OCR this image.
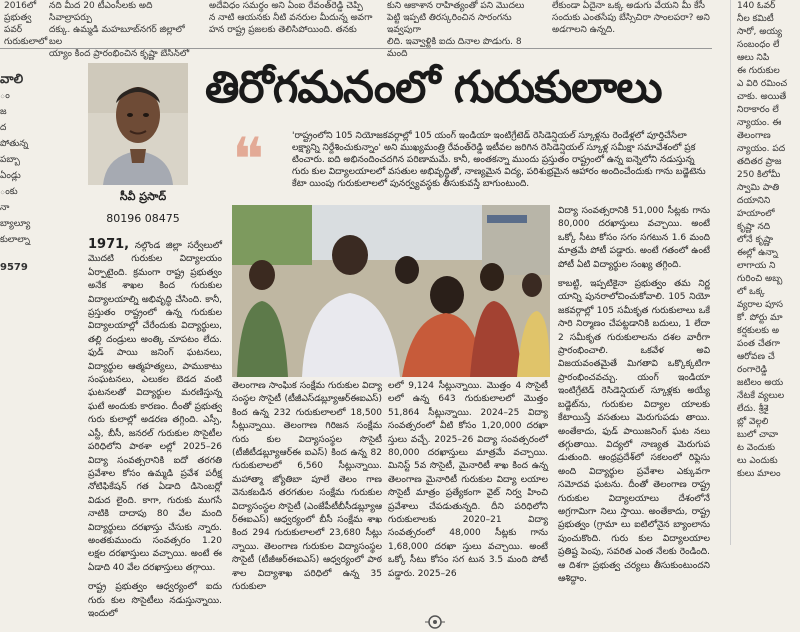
2016లో
ప్రభుత్వ పవర్
గురుకులాలో
నది మీద 20 టీఎంసీలకు అది సివాల్రాపర్పు
దక్కు. ఉమ్మడి మహబూబ్‌నగర్ జిల్లాలో బల
య్యాం కింద ప్రారంభించిన కృష్ణా బేసిన్‌లో
అదేవిధం సమర్థం అని ఏంఐ రేవంత్‌రెడ్డి చెప్పి
న నాటి ఆయనకు నీటి వనరుల మీదున్న అవగా
హన రాష్ట్ర ప్రజలకు తెలిసిపోయింది. తనకు
కుని ఆకాశాన రాహిత్యంతో పని మొదలు
పెట్టి ఇప్పటి తిరస్కరించిన సారంగను ఇవ్వపుగా
లిది. ఇవ్వాళ్టికి ఐదు దినాల పొడుగు. 8 మంది
లేకుండా ఏదైనా ఒక్క అడుగు వేయని మీ కేసీ
సందుకు ఎంతసేపు బేస్సిచిరా సాంలపరా? అని
అడగాలని ఉన్నది.
వాలి
ం
జ
ద
పోతున్న
పబ్బా
ఏండ్లు
ంకు
నా
బ్యాల్యూ
కులాల్నా
9579
140 ఓవర్
నీల కమిటీ
సారో, అయ్య
సంబంధం లే
ఆలు నిపి
ఈ గురుకుల
ఎ విరి రమించ
చాకు. అయితే
నిరాకారం లే
న్యాయం. ఈ
తెలంగాణ
న్యాయం. పద
తదితర ప్రాజ
250 కిలోమీ
స్వామి పాతి
దయానిని
హయాంలో
కృష్ణా నది
లోనే కృష్ణా
ఈల్లో ఉన్నా
లాగాయ ని
గురించి అబ్బ
లో ఒక్క
వ్యరాల పూస
కో. పోర్టు మా
కర్షకులకు అ
పంత చేతగా
ఆరోవణ చే
రంగారెడ్డి
జటిలం అయ
నేటకే వ్యలుల
లేదు. శ్రీశై
బ్లో వెల్గలి
బులో చావా
ట వెందుకు
లు ఎందుకు
కులు మాలం
సీవీ ప్రసాద్
80196 08475
తిరోగమనంలో గురుకులాలు
❝	'రాష్ట్రంలోని 105 నియోజకవర్గాల్లో 105 యంగ్ ఇండియా ఇంటిగ్రేటెడ్ రెసిడెన్షియల్ స్కూళ్లను రెండేళ్లలో పూర్తిచేసేలా లక్ష్యాన్ని నిర్దేశించుకున్నాం' అని ముఖ్యమంత్రి రేవంత్‌రెడ్డి ఇటీవల జరిగిన రెసిడెన్షియల్ స్కూళ్ల సమీక్షా సమావేశంలో ప్రక టించారు. ఐది అభినందించదగిన పరిణామమే. కానీ, అంతకన్నా ముందు ప్రస్తుతం రాష్ట్రంలో ఉన్న ఐన్నెలోని నడుస్తున్న గురు కుల విద్యాలయాలలో వసతుల అభివృద్ధితో, నాణ్యమైన విద్య, పరిశుభ్రమైన ఆహారం అందించేందుకు గాను బడ్జెటెను కేటా యింపు గురుకులాలలో పునర్వ్యవస్థకు తీసుకువస్తే బాగుంటుంది.

1971, నల్గొండ జిల్లా సర్వేలులో మొదటి గురుకుల విద్యాలయం ఏర్పాటైంది. క్రమంగా రాష్ట్ర ప్రభుత్వం అనేక శాఖల కింద గురుకుల విద్యాలయాల్ని అభివృద్ధి చేసింది. కానీ, ప్రస్తుతం రాష్ట్రంలో ఉన్న గురుకుల విద్యాలయాల్లో చేరేందుకు విద్యార్థులు, తల్లి దండ్రులు అంత్కి చూపటం లేదు. ఫుడ్ పాయి జనింగ్ ఘటనలు, విద్యార్థుల ఆత్మహత్యలు, పాముకాటు సంఘటనలు, ఎలుకల బెడద వంటి ఘటనలతో విద్యార్థుల మరణిస్తున్న ఘటే అందుకు కారణం. దీంతో ప్రభుత్వ గురు కులాల్లో అడరణ తగ్గింది. ఎస్సీ, ఎస్టీ, బీసీ, జనరల్ గురుకుల సొసైటీల పరిధిలోని పాఠశా లల్లో 2025–26 విద్యా సంవత్సరానికి ఐదో తరగతి ప్రవేశాల కోసం ఉమ్మడి ప్రవేశ పరీక్ష నోటిఫికేషన్ గత ఏడాది డిసెంబర్లో విడుద లైంది. కాగా, గురుకు ముగసే నాటికి దాదాపు 80 వేల మంది విద్యార్థులు దరఖాస్తు చేసుకు న్నారు. అంతకుముందు సంవత్సరం 1.20 లక్షల దరఖాస్తులు వచ్చాయి. అంటే ఈ ఏడాది 40 వేల దరఖాస్తులు తగ్గాయి.

రాష్ట్ర ప్రభుత్వం ఆధ్వర్యంలో ఐదు గురు కుల సొసైటీలు నడుస్తున్నాయి. ఇందులో

తెలంగాణ సాంఘిక సంక్షేమ గురుకుల విద్యా సంస్థల సొసైటీ (టీజీఎస్‌డబ్ల్యూఆర్‌ఈఐఎస్) కింద ఉన్న 232 గురుకులాలలో 18,500 సీట్లున్నాయి. తెలంగాణ గిరిజన సంక్షేమ గురు కుల విద్యాసంస్థల సొసైటీ (టీజీటీడబ్ల్యూఆర్‌ఈ ఐఎస్) కింద ఉన్న 82 గురుకులాలలో 6,560 సీట్లున్నాయి. మహాత్మా జ్యోతిబా పూలే తెలం గాణ వెనుకబడిన తరగతుల సంక్షేమ గురుకుల విద్యాసంస్థల సొసైటీ (ఎంజేపీటీబీసీడబ్ల్యూఆ ర్‌ఈఐఎస్) ఆధ్వర్యంలో బీసీ సంక్షేమ శాఖ కింద 294 గురుకులాలలో 23,680 సీట్లు న్నాయి. తెలంగాణ గురుకుల విద్యాసంస్థల సొసైటీ (టీజీఆర్‌ఈఐఎస్) ఆధ్వర్యంలో పాఠ శాల విద్యాశాఖ పరిధిలో ఉన్న 35 గురుకులా

లలో 9,124 సీట్లున్నాయి. మొత్తం 4 సొసైటీ లలో ఉన్న 643 గురుకులాలలో మొత్తం 51,864 సీట్లున్నాయి. 2024–25 విద్యా సంవత్సరంలో వీటి కోసం 1,20,000 దరఖా స్తులు వచ్చే. 2025–26 విద్యా సంవత్సరంలో 80,000 దరఖాస్తులు మాత్రమే వచ్చాయి. మినిస్ట్ 5వ సొసైటీ, మైనారిటీ శాఖ కింద ఉన్న తెలంగాణ మైనారిటీ గురుకుల విద్యా లయాల సొసైటీ మాత్రం ప్రత్యేకంగా వైట్ నిర్వ హించి ప్రవేశాలు చేపడుతున్నది. దీని పరిధిలోని గురుకులాలకు 2020–21 విద్యా సంవత్సరంలో 48,000 సీట్లకు గాను 1,68,000 దరఖా స్తులు వచ్చాయి. అంటే ఒక్కో సీటు కోసం సగ టున 3.5 మంది పోటీ పడ్డారు. 2025–26

విద్యా సంవత్సరానికి 51,000 సీట్లకు గాను 80,000 దరఖాస్తులు వచ్చాయి. అంటే ఒక్కో సీటు కోసం సగం సగటున 1.6 మంది మాత్రమే పోటీ పడ్డారు. అంటే గతంలో ఉంటే పోటీ ఏటి విద్యార్థుల సంఖ్య తగ్గింది.

కాబట్టి, ఇప్పటికైనా ప్రభుత్వం తమ నిర్ణ యాన్ని పునరాలోచించుకోవాలి. 105 నియో జకవర్గాల్లో 105 సమీకృత గురుకులాలు ఒకే సారి నిర్మాణం చేపట్టడానికి బదులు, 1 లేదా 2 సమీకృత గురుకులాలను దశల వారీగా ప్రారంభించాలి. ఒకవేళ అవి విజయవంతమైతే మిగతావి ఒక్కొక్కటిగా ప్రారంభించవచ్చు. యంగ్ ఇండియా ఇంటిగ్రేటెడ్ రెసిడెన్షియల్ స్కూళ్లకు అయ్యే బడ్జెట్‌ను, గురుకుల విద్యాల యాలకు కేటాయిస్తే వసతులు మెరుగుపడు తాయి. అంతేకాదు, ఫుడ్ పాయిజనింగ్ ఘట నలు తగ్గుతాయి. విద్యలో నాణ్యత మెరుగుప డుతుంది. ఆంధ్రప్రదేశ్‌లో సకలంలో రిఫ్లెసు అంది విద్యార్థుల ప్రవేశాల ఎక్కువగా సమోదవ ఘటను. దీంతో తెలంగాణ రాష్ట్ర గురుకుల విద్యాలయాలు దేశంలోనే అగ్రగామిగా నిలు స్తాయి. అంతేకాదు, రాష్ట్ర ప్రభుత్వం (గ్రామా లు ఐటిలోనైన బ్యాంలాను పుంచుకొంది. గురు కుల విద్యాలయాల ప్రతిష్ట పెంపు, సవరిత ఎంత నేలకు రెండింది. ఆ దిశగా ప్రభుత్వ చర్యలు తీసుకుంటుందని ఆశిద్దాం.
